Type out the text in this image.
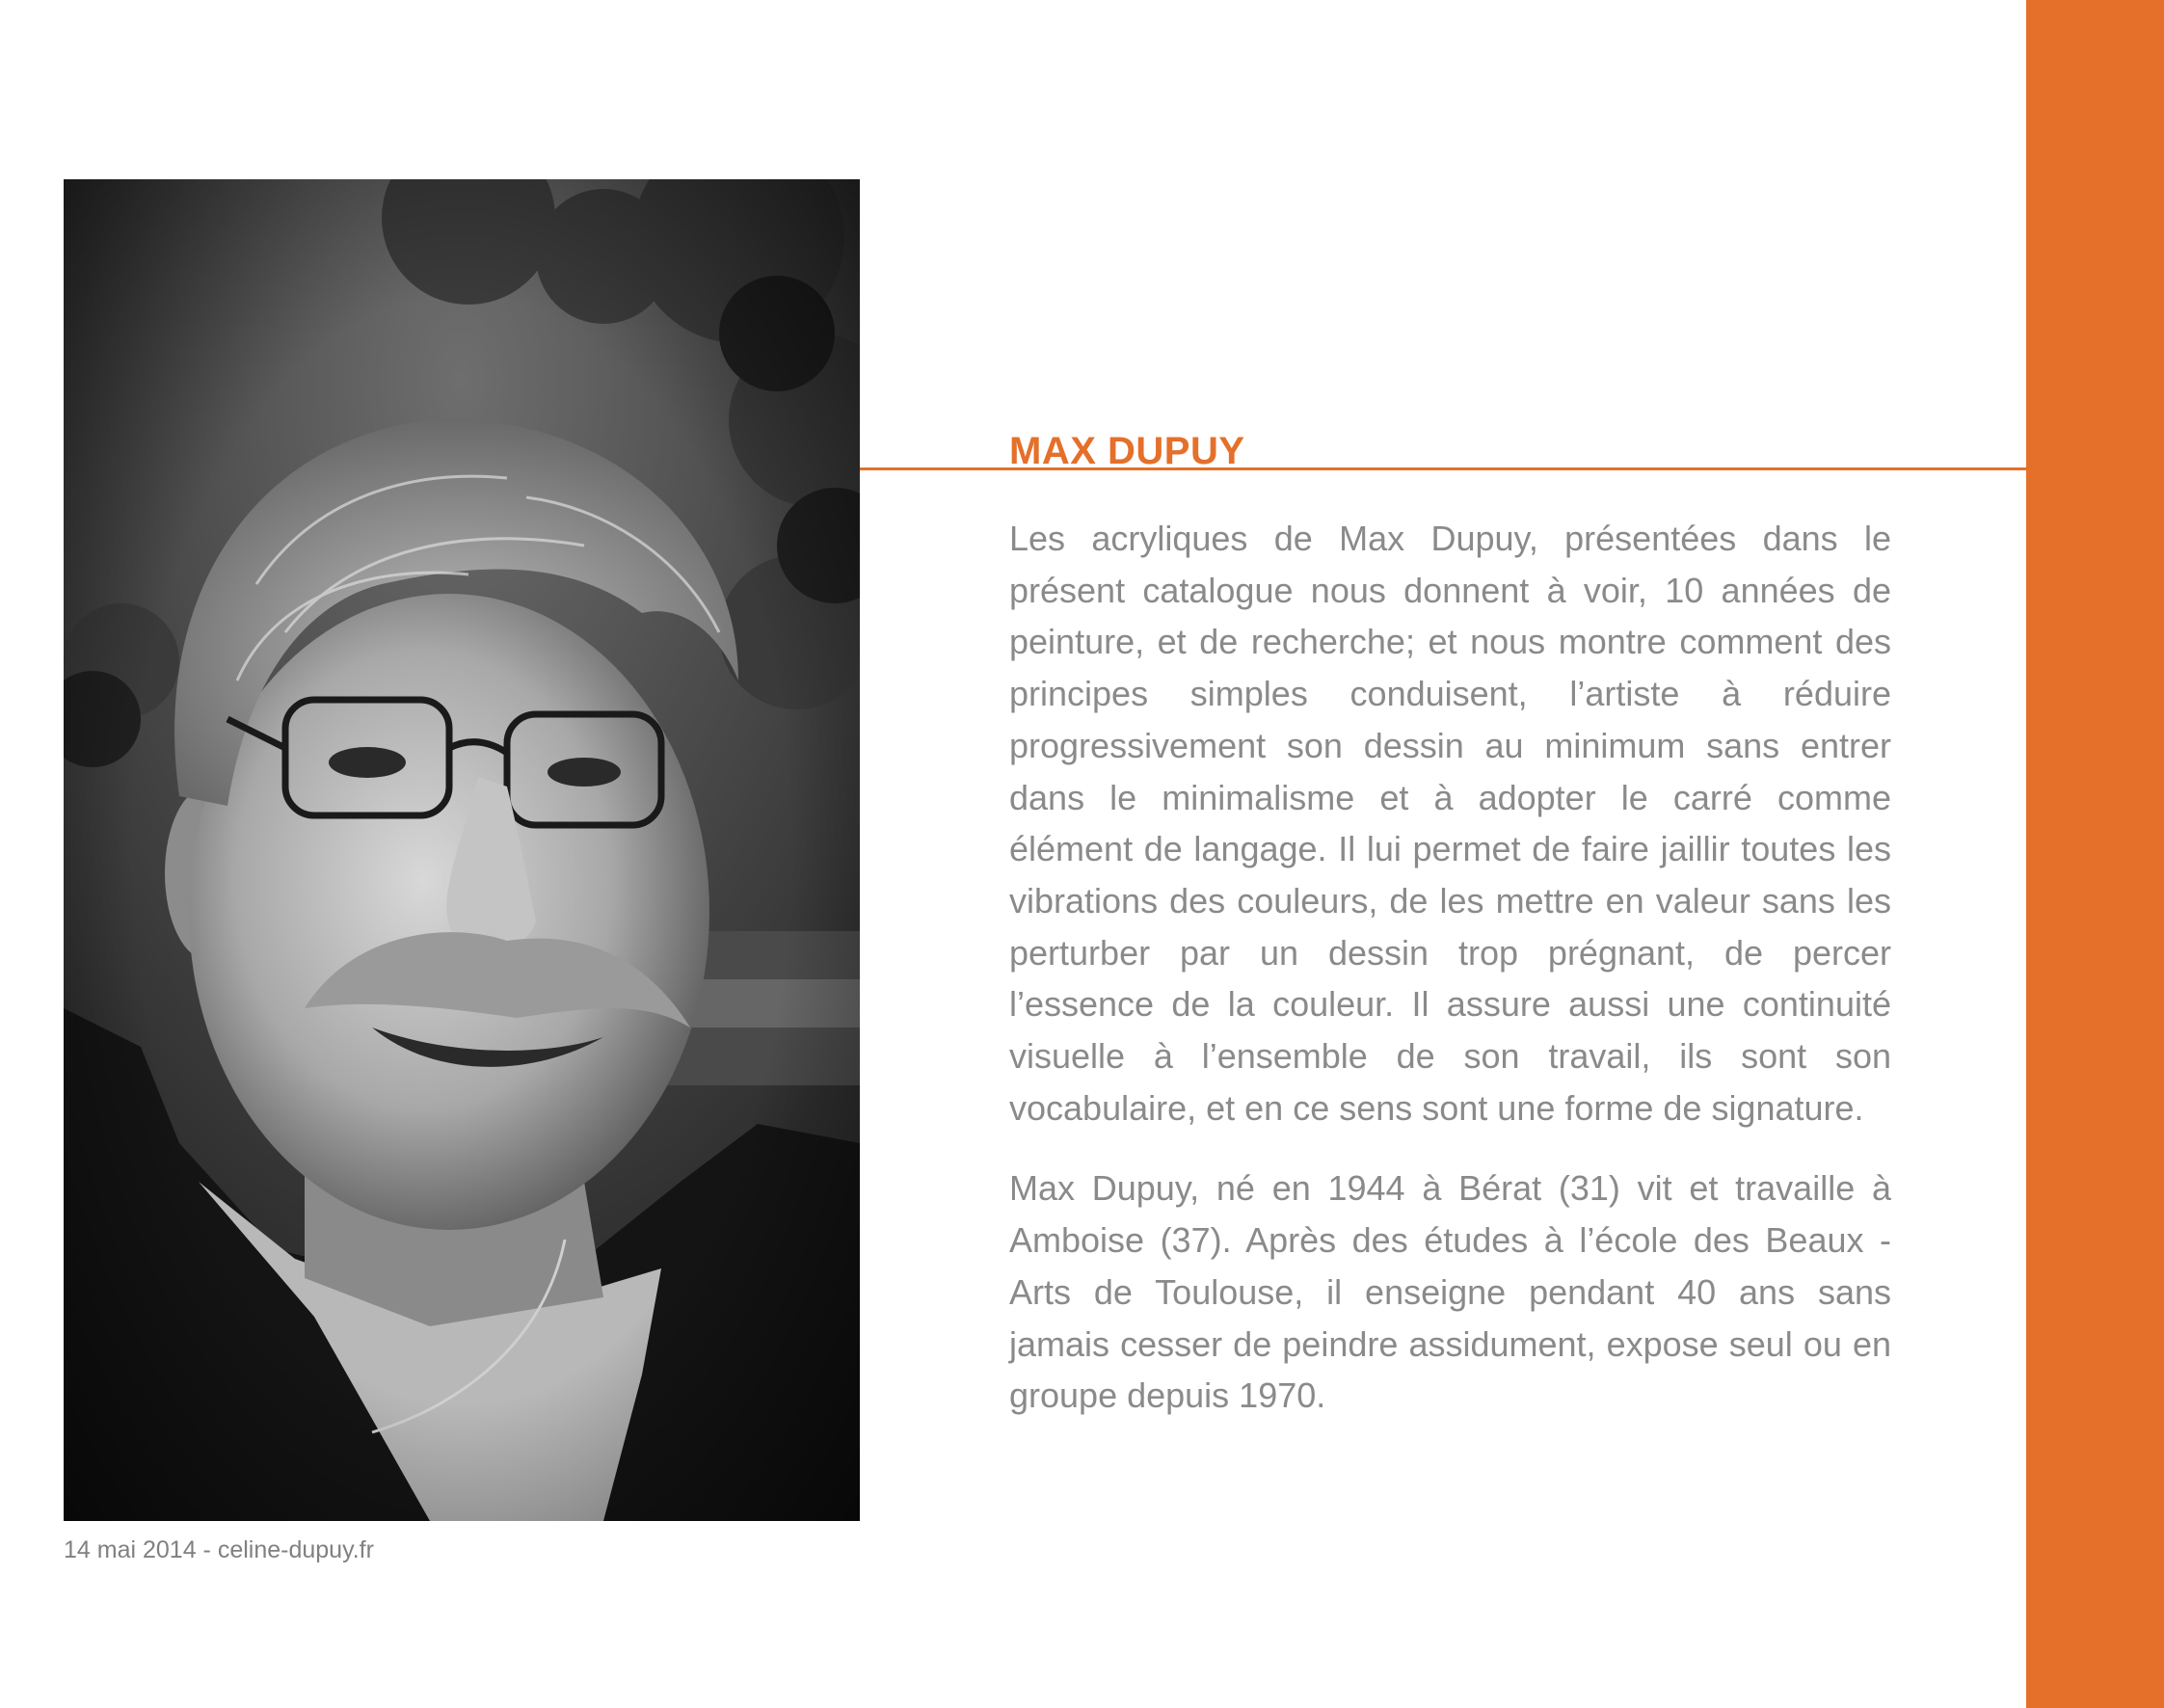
14 mai 2014 - celine-dupuy.fr
MAX DUPUY

Les acryliques de Max Dupuy, présentées dans le présent catalogue nous donnent à voir, 10 années de peinture, et de recherche; et nous montre comment des principes simples conduisent, l’artiste à réduire progressivement son dessin au minimum sans entrer dans le minimalisme et à adopter le carré comme élément de langage. Il lui permet de faire jaillir toutes les vibrations des couleurs, de les mettre en valeur sans les perturber par un dessin trop prégnant, de percer l’essence de la couleur. Il assure aussi une continuité visuelle à l’ensemble de son travail, ils sont son vocabulaire, et en ce sens sont une forme de signature.

Max Dupuy, né en 1944 à Bérat (31) vit et travaille à Amboise (37). Après des études à l’école des Beaux -Arts de Toulouse, il enseigne pendant 40 ans sans jamais cesser de peindre assidument, expose seul ou en groupe depuis 1970.
